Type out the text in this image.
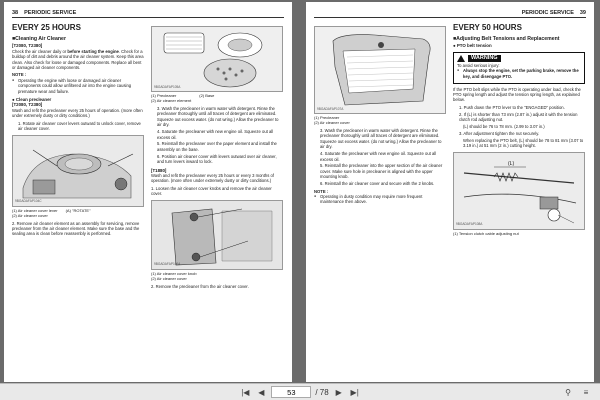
38 PERIODIC SERVICE
EVERY 25 HOURS
■Cleaning Air Cleaner
[T2080, T2380]

Check the air cleaner daily or before starting the engine. Check for a buildup of dirt and debris around the air cleaner system. Keep this area clean. Also check for loose or damaged components. Replace all bent or damaged air cleaner components.

NOTE :
● Operating the engine with loose or damaged air cleaner components could allow unfiltered air into the engine causing premature wear and failure.
● Clean precleaner
[T2080, T2380]

Wash and refit the precleaner every 25 hours of operation. (more often under extremely dusty or dirty conditions.)

1. Rotate air cleaner cover levers outward to unlock cover, remove air cleaner cover.
9BGADAFAP104C
(1) Air cleaner cover lever
(2) Air cleaner cover
(A) "ROTATE"

2. Remove air cleaner element as an assembly for servicing, remove precleaner from the air cleaner element. Make sure the base and the sealing area is clean before reassembly is performed.

9BGADAFAP105A
(1) Precleaner
(2) Air cleaner element
(2) Base
3. Wash the precleaner in warm water with detergent. Rinse the precleaner thoroughly until all traces of detergent are eliminated. Squeeze out excess water. (do not wring.) Allow the precleaner to air dry.
4. Saturate the precleaner with new engine oil. Squeeze out all excess oil.
5. Reinstall the precleaner over the paper element and install the assembly on the base.
6. Position air cleaner cover with levers outward over air cleaner, and turn levers inward to lock.
[T1880]

Wash and refit the precleaner every 25 hours or every 3 months of operation. (more often under extremely dusty or dirty conditions.)

1. Loosen the air cleaner cover knobs and remove the air cleaner cover.

9BGADAFAP106A
(1) Air cleaner cover knob
(2) Air cleaner cover

2. Remove the precleaner from the air cleaner cover.

PERIODIC SERVICE 39
9BGADAFAP107A
(1) Precleaner
(2) Air cleaner cover
3. Wash the precleaner in warm water with detergent. Rinse the precleaner thoroughly until all traces of detergent are eliminated. Squeeze out excess water. (do not wring.) Allow the precleaner to air dry.
4. Saturate the precleaner with new engine oil. Squeeze out all excess oil.
5. Reinstall the precleaner into the upper section of the air cleaner cover. Make sure hole in precleaner is aligned with the upper mounting knob.
6. Reinstall the air cleaner cover and secure with the 2 knobs.
NOTE :
● Operating in dusty condition may require more frequent maintenance then above.
EVERY 50 HOURS
■Adjusting Belt Tensions and Replacement
● PTO belt tension
WARNING
To avoid serious injury:
● Always stop the engine, set the parking brake, remove the key, and disengage PTO.

If the PTO belt slips while the PTO is operating under load, check the PTO spring length and adjust the tension spring length, as explained below.

1. Push down the PTO lever to the "ENGAGED" position.
2. If (L) is shorter than 73 mm (2.87 in.) adjust it with the tension clutch rod adjusting nut.
(L) should be 76 to 78 mm. (2.99 to 3.07 in.)
3. After adjustment tighten the nut securely.
When replacing the PTO belt, (L) should be 78 to 81 mm (3.07 to 3.19 in.) at 51 mm (2 in.) cutting height.
(L)
9BGADAFAP108A
(1) Tension clutch cable adjusting nut
|◀	◀
53	/ 78 ▶	▶|	⚲	≡
